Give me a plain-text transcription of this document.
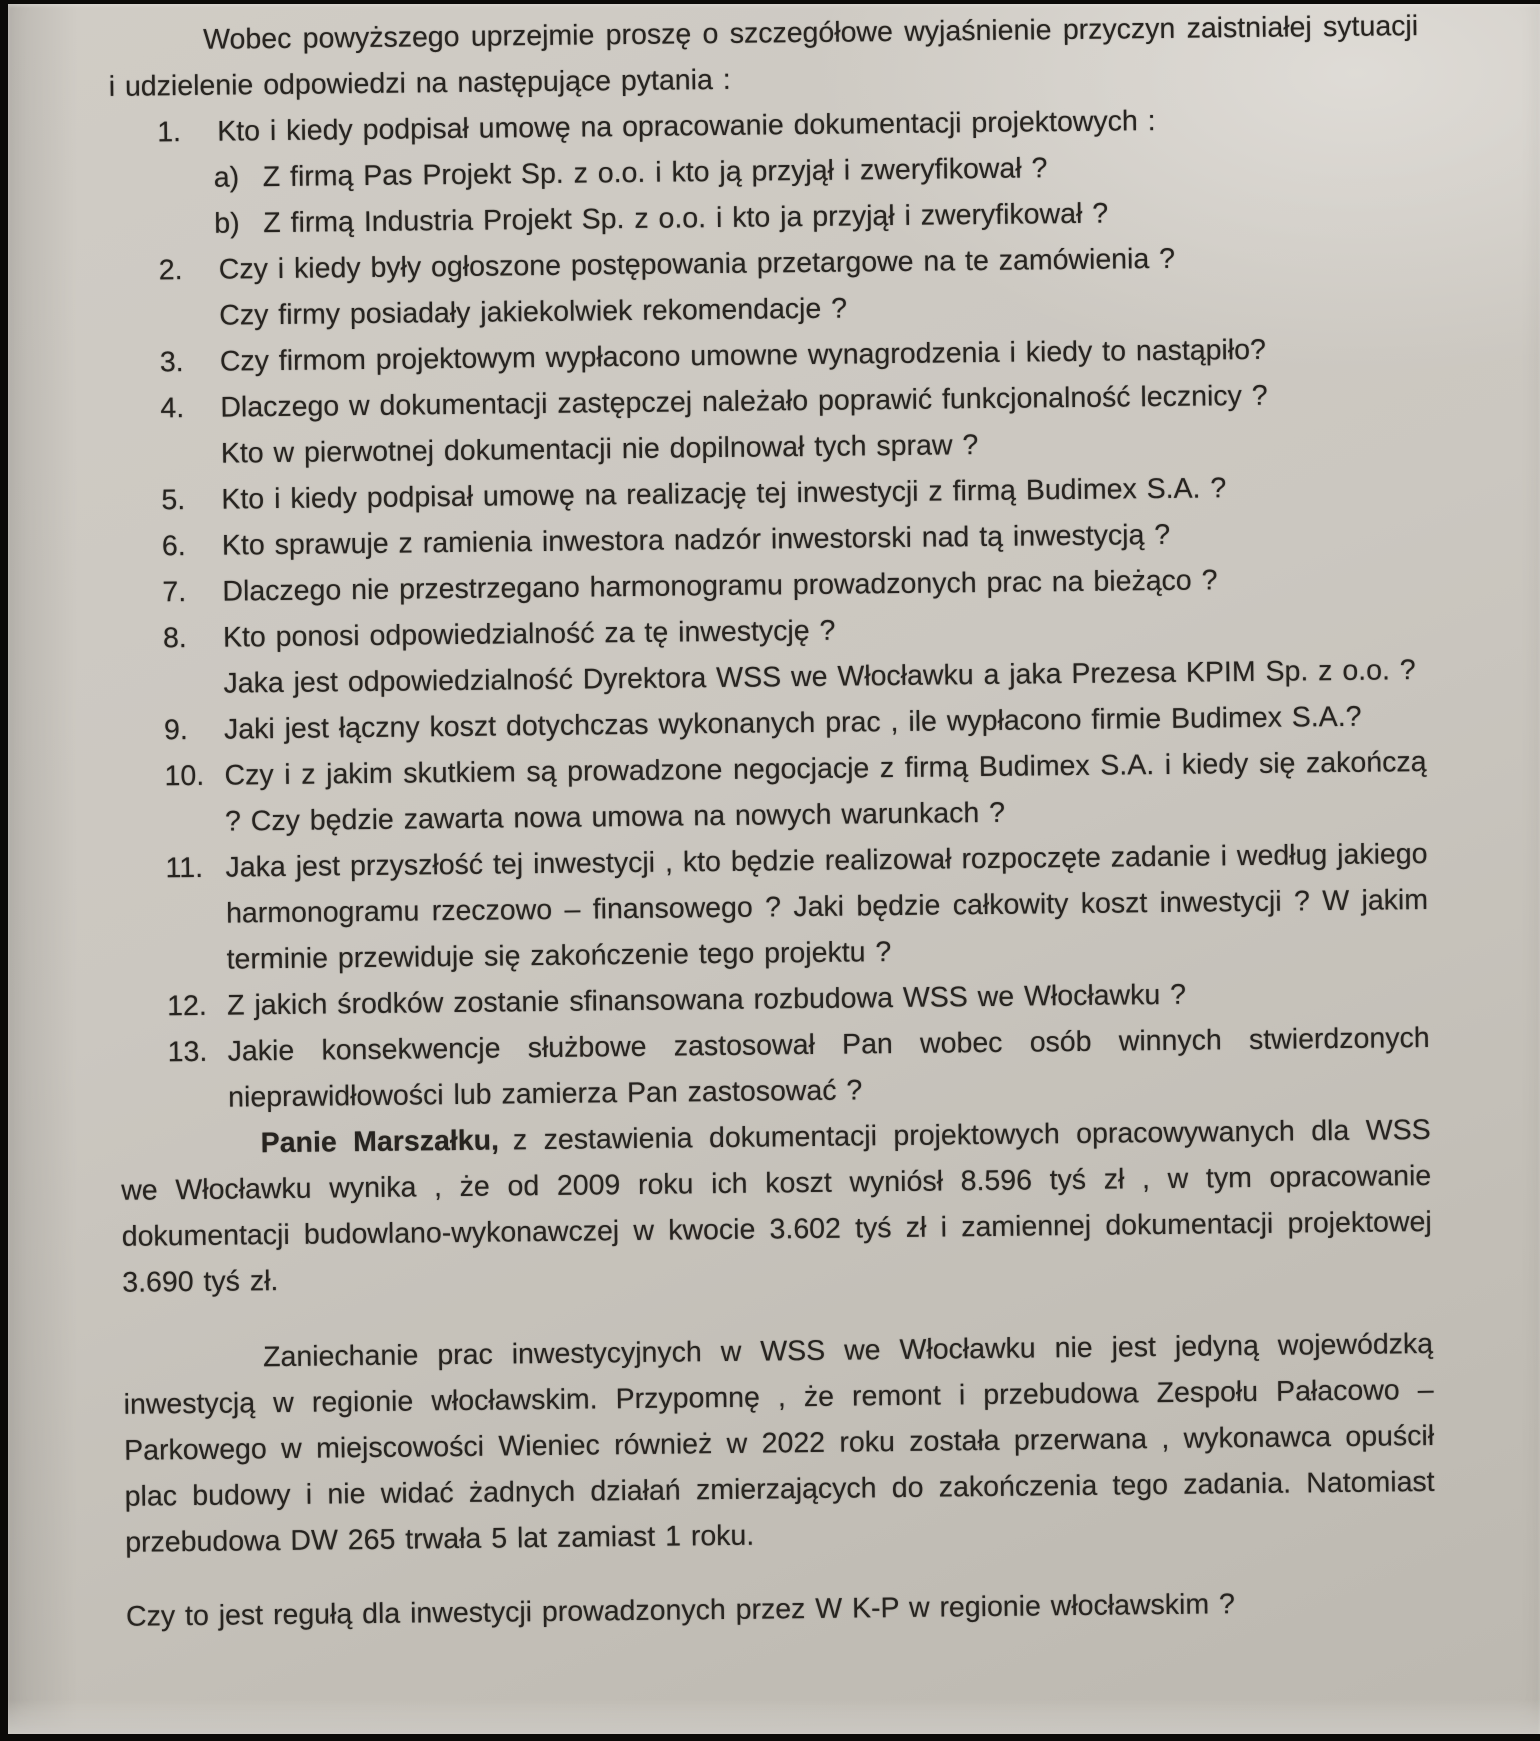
Wobec powyższego uprzejmie proszę o szczegółowe wyjaśnienie przyczyn zaistniałej sytuacji i udzielenie odpowiedzi na następujące pytania :

1. Kto i kiedy podpisał umowę na opracowanie dokumentacji projektowych :

a) Z firmą Pas Projekt Sp. z o.o. i kto ją przyjął i zweryfikował ?

b) Z firmą Industria Projekt Sp. z o.o. i kto ja przyjął i zweryfikował ?

2. Czy i kiedy były ogłoszone postępowania przetargowe na te zamówienia ?

Czy firmy posiadały jakiekolwiek rekomendacje ?

3. Czy firmom projektowym wypłacono umowne wynagrodzenia i kiedy to nastąpiło?

4. Dlaczego w dokumentacji zastępczej należało poprawić funkcjonalność lecznicy ?

Kto w pierwotnej dokumentacji nie dopilnował tych spraw ?

5. Kto i kiedy podpisał umowę na realizację tej inwestycji z firmą Budimex S.A. ?

6. Kto sprawuje z ramienia inwestora nadzór inwestorski nad tą inwestycją ?

7. Dlaczego nie przestrzegano harmonogramu prowadzonych prac na bieżąco ?

8. Kto ponosi odpowiedzialność za tę inwestycję ?

Jaka jest odpowiedzialność Dyrektora WSS we Włocławku a jaka Prezesa KPIM Sp. z o.o. ?

9. Jaki jest łączny koszt dotychczas wykonanych prac , ile wypłacono firmie Budimex S.A.?

10. Czy i z jakim skutkiem są prowadzone negocjacje z firmą Budimex S.A. i kiedy się zakończą ? Czy będzie zawarta nowa umowa na nowych warunkach ?

11. Jaka jest przyszłość tej inwestycji , kto będzie realizował rozpoczęte zadanie i według jakiego harmonogramu rzeczowo – finansowego ? Jaki będzie całkowity koszt inwestycji ? W jakim terminie przewiduje się zakończenie tego projektu ?

12. Z jakich środków zostanie sfinansowana rozbudowa WSS we Włocławku ?

13. Jakie konsekwencje służbowe zastosował Pan wobec osób winnych stwierdzonych nieprawidłowości lub zamierza Pan zastosować ?

Panie Marszałku, z zestawienia dokumentacji projektowych opracowywanych dla WSS we Włocławku wynika , że od 2009 roku ich koszt wyniósł 8.596 tyś zł , w tym opracowanie dokumentacji budowlano-wykonawczej w kwocie 3.602 tyś zł i zamiennej dokumentacji projektowej 3.690 tyś zł.

Zaniechanie prac inwestycyjnych w WSS we Włocławku nie jest jedyną wojewódzką inwestycją w regionie włocławskim. Przypomnę , że remont i przebudowa Zespołu Pałacowo – Parkowego w miejscowości Wieniec również w 2022 roku została przerwana , wykonawca opuścił plac budowy i nie widać żadnych działań zmierzających do zakończenia tego zadania. Natomiast przebudowa DW 265 trwała 5 lat zamiast 1 roku.

Czy to jest regułą dla inwestycji prowadzonych przez W K-P w regionie włocławskim ?
